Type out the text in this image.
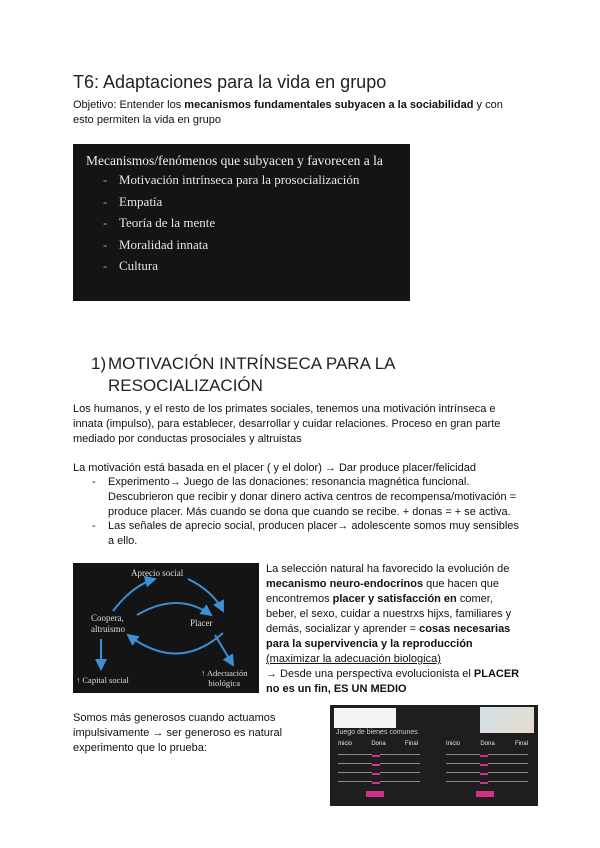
T6: Adaptaciones para la vida en grupo
Objetivo: Entender los mecanismos fundamentales subyacen a la sociabilidad y con
esto permiten la vida en grupo
Mecanismos/fenómenos que subyacen y favorecen a la
- Motivación intrínseca para la prosocialización
- Empatía
- Teoría de la mente
- Moralidad innata
- Cultura
1) MOTIVACIÓN INTRÍNSECA PARA LA
RESOCIALIZACIÓN
Los humanos, y el resto de los primates sociales, tenemos una motivación intrínseca e
innata (impulso), para establecer, desarrollar y cuidar relaciones. Proceso en gran parte
mediado por conductas prosociales y altruistas
La motivación está basada en el placer ( y el dolor) → Dar produce placer/felicidad
- Experimento→ Juego de las donaciones: resonancia magnética funcional.
Descubrieron que recibir y donar dinero activa centros de recompensa/motivación =
produce placer. Más cuando se dona que cuando se recibe. + donas = + se activa.
- Las señales de aprecio social, producen placer→ adolescente somos muy sensibles
a ello.
Aprecio social
Coopera,
altruismo
Placer
↑ Capital social
↑ Adecuación
biológica
La selección natural ha favorecido la evolución de
mecanismo neuro-endocrinos que hacen que
encontremos placer y satisfacción en comer,
beber, el sexo, cuidar a nuestrxs hijxs, familiares y
demás, socializar y aprender = cosas necesarias
para la supervivencia y la reproducción
(maximizar la adecuación biologica)
→ Desde una perspectiva evolucionista el PLACER
no es un fin, ES UN MEDIO
Somos más generosos cuando actuamos
impulsivamente → ser generoso es natural
experimento que lo prueba:
Juego de bienes comunes
Inicio	Dona	Final	Inicio	Dona	Final
